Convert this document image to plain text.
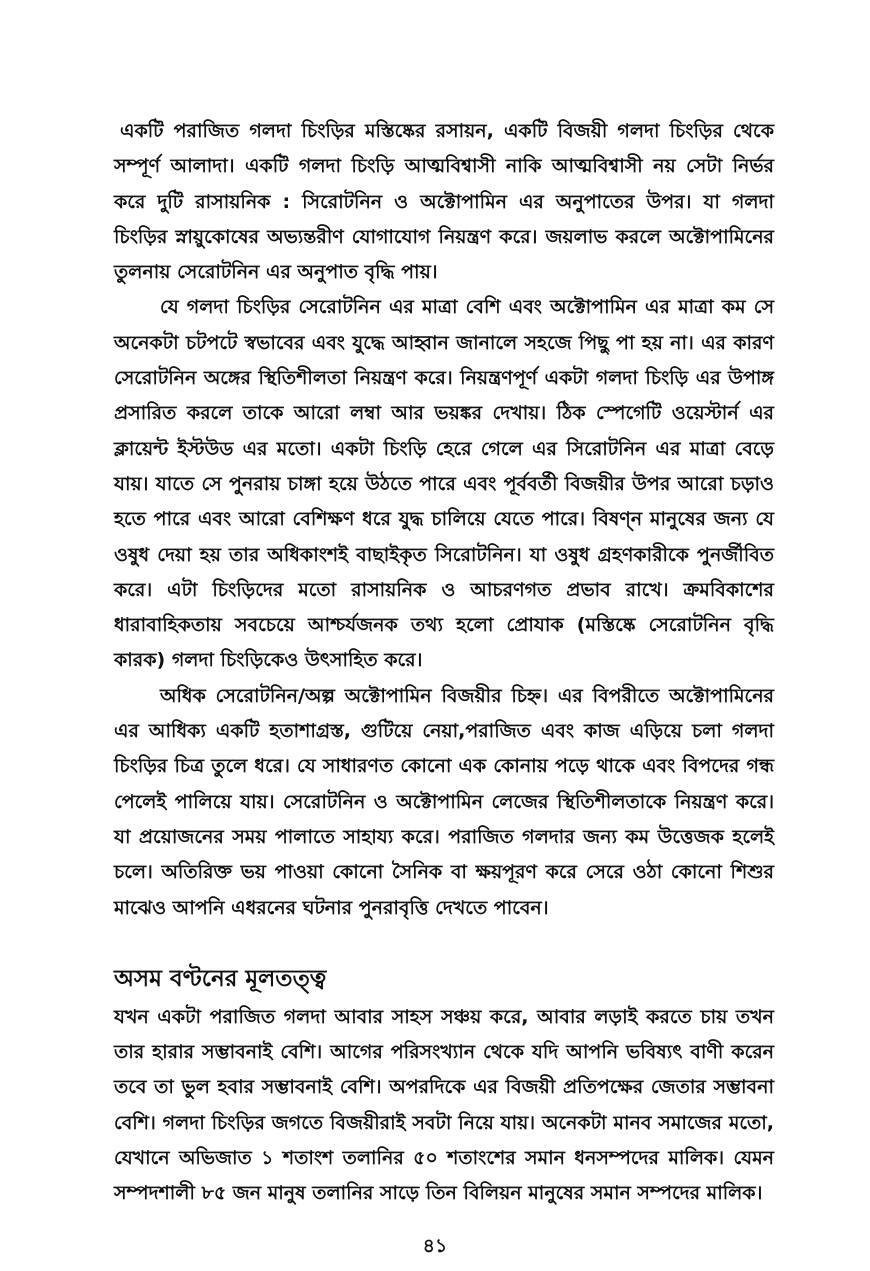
একটি পরাজিত গলদা চিংড়ির মস্তিষ্কের রসায়ন, একটি বিজয়ী গলদা চিংড়ির থেকে সম্পূর্ণ আলাদা। একটি গলদা চিংড়ি আত্মবিশ্বাসী নাকি আত্মবিশ্বাসী নয় সেটা নির্ভর করে দুটি রাসায়নিক : সিরোটনিন ও অক্টোপামিন এর অনুপাতের উপর। যা গলদা চিংড়ির স্নায়ুকোষের অভ্যন্তরীণ যোগাযোগ নিয়ন্ত্রণ করে। জয়লাভ করলে অক্টোপামিনের তুলনায় সেরোটনিন এর অনুপাত বৃদ্ধি পায়।

যে গলদা চিংড়ির সেরোটনিন এর মাত্রা বেশি এবং অক্টোপামিন এর মাত্রা কম সে অনেকটা চটপটে স্বভাবের এবং যুদ্ধে আহ্বান জানালে সহজে পিছু পা হয় না। এর কারণ সেরোটনিন অঙ্গের স্থিতিশীলতা নিয়ন্ত্রণ করে। নিয়ন্ত্রণপূর্ণ একটা গলদা চিংড়ি এর উপাঙ্গ প্রসারিত করলে তাকে আরো লম্বা আর ভয়ঙ্কর দেখায়। ঠিক স্পেগেটি ওয়েস্টার্ন এর ক্লায়েন্ট ইস্টউড এর মতো। একটা চিংড়ি হেরে গেলে এর সিরোটনিন এর মাত্রা বেড়ে যায়। যাতে সে পুনরায় চাঙ্গা হয়ে উঠতে পারে এবং পূর্ববর্তী বিজয়ীর উপর আরো চড়াও হতে পারে এবং আরো বেশিক্ষণ ধরে যুদ্ধ চালিয়ে যেতে পারে। বিষণ্ন মানুষের জন্য যে ওষুধ দেয়া হয় তার অধিকাংশই বাছাইকৃত সিরোটনিন। যা ওষুধ গ্রহণকারীকে পুনর্জীবিত করে। এটা চিংড়িদের মতো রাসায়নিক ও আচরণগত প্রভাব রাখে। ক্রমবিকাশের ধারাবাহিকতায় সবচেয়ে আশ্চর্যজনক তথ্য হলো প্রোযাক (মস্তিষ্কে সেরোটনিন বৃদ্ধি কারক) গলদা চিংড়িকেও উৎসাহিত করে।

অধিক সেরোটনিন/অল্প অক্টোপামিন বিজয়ীর চিহ্ন। এর বিপরীতে অক্টোপামিনের এর আধিক্য একটি হতাশাগ্রস্ত, গুটিয়ে নেয়া,পরাজিত এবং কাজ এড়িয়ে চলা গলদা চিংড়ির চিত্র তুলে ধরে। যে সাধারণত কোনো এক কোনায় পড়ে থাকে এবং বিপদের গন্ধ পেলেই পালিয়ে যায়। সেরোটনিন ও অক্টোপামিন লেজের স্থিতিশীলতাকে নিয়ন্ত্রণ করে। যা প্রয়োজনের সময় পালাতে সাহায্য করে। পরাজিত গলদার জন্য কম উত্তেজক হলেই চলে। অতিরিক্ত ভয় পাওয়া কোনো সৈনিক বা ক্ষয়পূরণ করে সেরে ওঠা কোনো শিশুর মাঝেও আপনি এধরনের ঘটনার পুনরাবৃত্তি দেখতে পাবেন।

অসম বণ্টনের মূলতত্ত্ব

যখন একটা পরাজিত গলদা আবার সাহস সঞ্চয় করে, আবার লড়াই করতে চায় তখন তার হারার সম্ভাবনাই বেশি। আগের পরিসংখ্যান থেকে যদি আপনি ভবিষ্যৎ বাণী করেন তবে তা ভুল হবার সম্ভাবনাই বেশি। অপরদিকে এর বিজয়ী প্রতিপক্ষের জেতার সম্ভাবনা বেশি। গলদা চিংড়ির জগতে বিজয়ীরাই সবটা নিয়ে যায়। অনেকটা মানব সমাজের মতো, যেখানে অভিজাত ১ শতাংশ তলানির ৫০ শতাংশের সমান ধনসম্পদের মালিক। যেমন সম্পদশালী ৮৫ জন মানুষ তলানির সাড়ে তিন বিলিয়ন মানুষের সমান সম্পদের মালিক।

৪১
